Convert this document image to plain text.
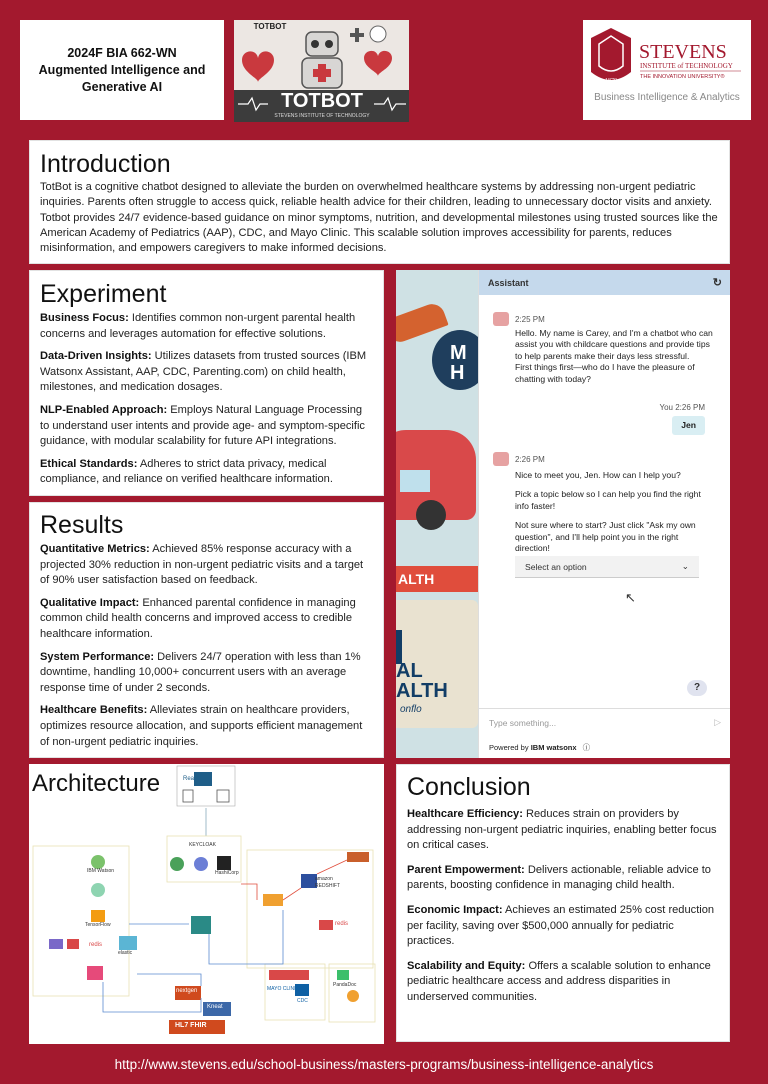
2024F BIA 662-WN
Augmented Intelligence and
Generative AI
TOTBOT
STEVENS INSTITUTE OF TECHNOLOGY
TOTBOT
1870
STEVENS
INSTITUTE of TECHNOLOGY
THE INNOVATION UNIVERSITY®
Business Intelligence & Analytics
Introduction

TotBot is a cognitive chatbot designed to alleviate the burden on overwhelmed healthcare systems by addressing non-urgent pediatric inquiries. Parents often struggle to access quick, reliable health advice for their children, leading to unnecessary doctor visits and anxiety. Totbot provides 24/7 evidence-based guidance on minor symptoms, nutrition, and developmental milestones using trusted sources like the American Academy of Pediatrics (AAP), CDC, and Mayo Clinic. This scalable solution improves accessibility for parents, reduces misinformation, and empowers caregivers to make informed decisions.

Experiment

Business Focus: Identifies common non-urgent parental health concerns and leverages automation for effective solutions.

Data-Driven Insights: Utilizes datasets from trusted sources (IBM Watsonx Assistant, AAP, CDC, Parenting.com) on child health, milestones, and medication dosages.

NLP-Enabled Approach: Employs Natural Language Processing to understand user intents and provide age- and symptom-specific guidance, with modular scalability for future API integrations.

Ethical Standards: Adheres to strict data privacy, medical compliance, and reliance on verified healthcare information.

Results

Quantitative Metrics: Achieved 85% response accuracy with a projected 30% reduction in non-urgent pediatric visits and a target of 90% user satisfaction based on feedback.

Qualitative Impact: Enhanced parental confidence in managing common child health concerns and improved access to credible healthcare information.

System Performance: Delivers 24/7 operation with less than 1% downtime, handling 10,000+ concurrent users with an average response time of under 2 seconds.

Healthcare Benefits: Alleviates strain on healthcare providers, optimizes resource allocation, and supports efficient management of non-urgent pediatric inquiries.

M
H
ALTH
AL
ALTH
onflo
Assistant	↻
2:25 PM
Hello. My name is Carey, and I'm a chatbot who can assist you with childcare questions and provide tips to help parents make their days less stressful.
First things first—who do I have the pleasure of chatting with today?
You 2:26 PM
Jen
2:26 PM
Nice to meet you, Jen. How can I help you?
Pick a topic below so I can help you find the right info faster!
Not sure where to start? Just click "Ask my own question", and I'll help point you in the right direction!
Select an option	⌄
↖
?
Type something...	▷
Powered by IBM watsonx ⓘ
Architecture	React
KEYCLOAK
IBM Watson
TensorFlow
redis
elastic
HashiCorp
amazon
REDSHIFT
redis
MAYO CLINIC
CDC
nextgen
Kneat
HL7 FHIR
PandaDoc
Conclusion

Healthcare Efficiency: Reduces strain on providers by addressing non-urgent pediatric inquiries, enabling better focus on critical cases.

Parent Empowerment: Delivers actionable, reliable advice to parents, boosting confidence in managing child health.

Economic Impact: Achieves an estimated 25% cost reduction per facility, saving over $500,000 annually for pediatric practices.

Scalability and Equity: Offers a scalable solution to enhance pediatric healthcare access and address disparities in underserved communities.

http://www.stevens.edu/school-business/masters-programs/business-intelligence-analytics
